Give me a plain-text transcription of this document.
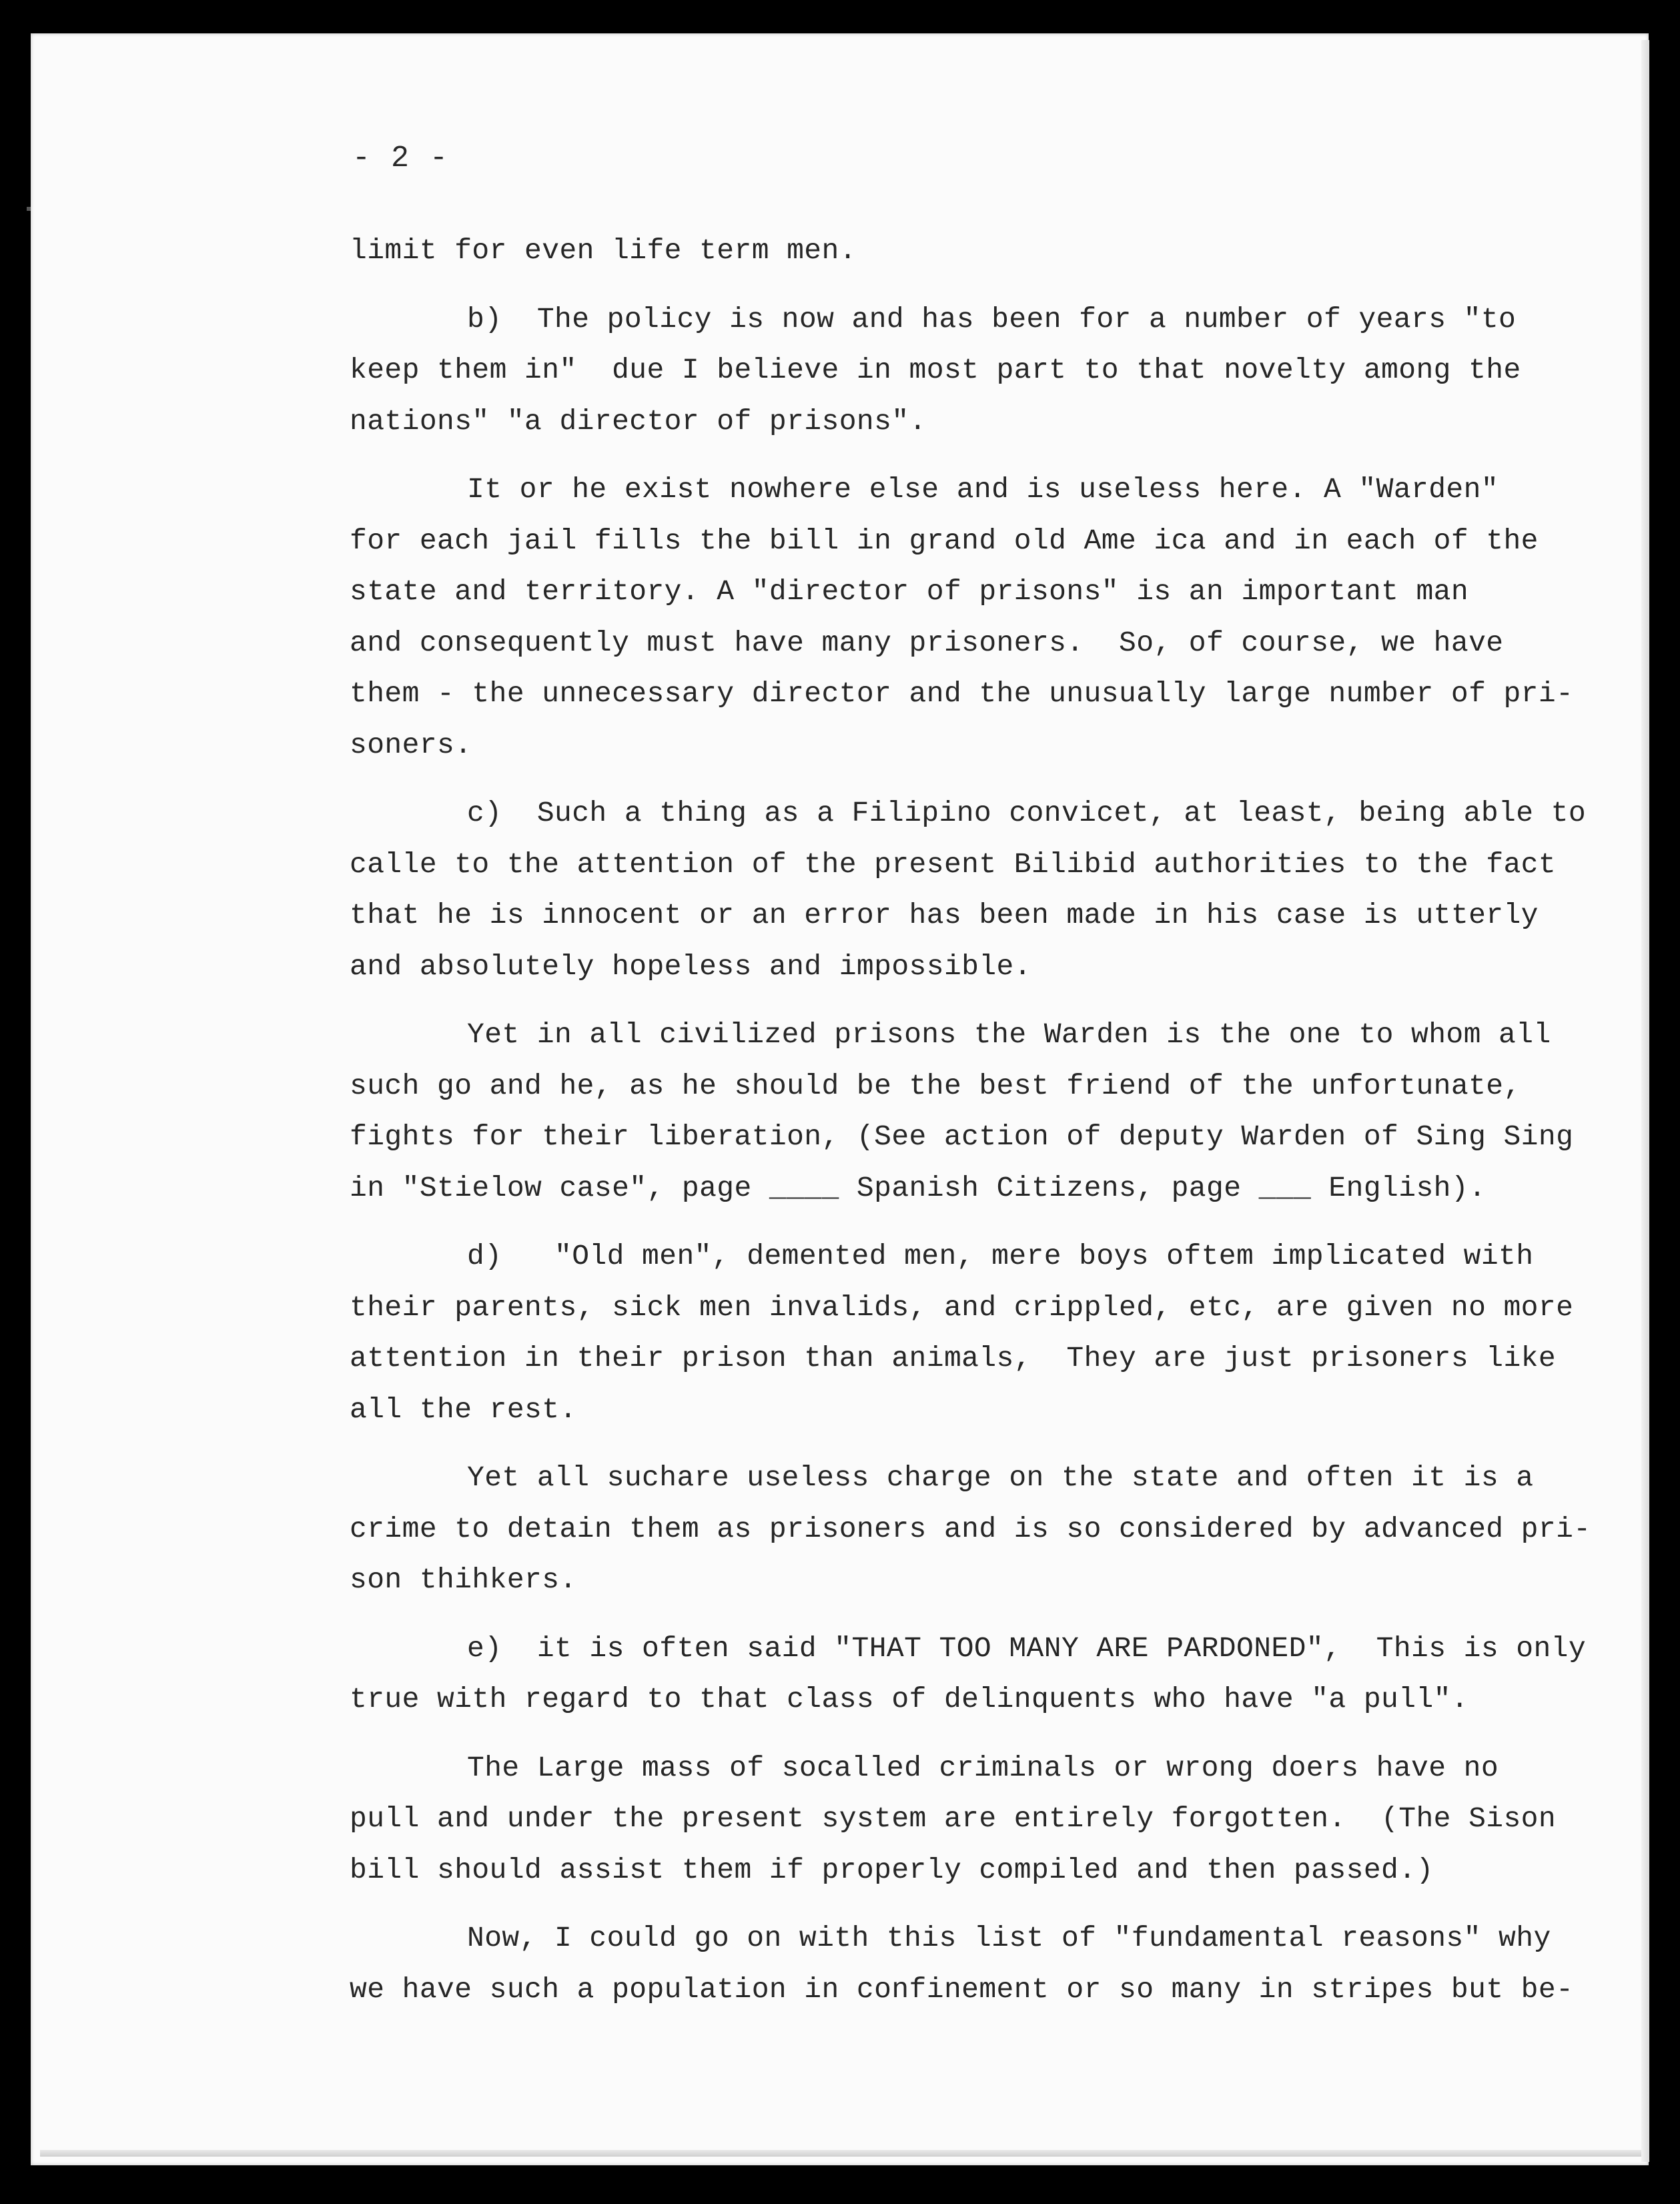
- 2 -
limit for even life term men.
b)  The policy is now and has been for a number of years "to
keep them in"  due I believe in most part to that novelty among the
nations" "a director of prisons".
It or he exist nowhere else and is useless here. A "Warden"
for each jail fills the bill in grand old Ame ica and in each of the
state and territory. A "director of prisons" is an important man
and consequently must have many prisoners.  So, of course, we have
them - the unnecessary director and the unusually large number of pri-
soners.
c)  Such a thing as a Filipino convicet, at least, being able to
calle to the attention of the present Bilibid authorities to the fact
that he is innocent or an error has been made in his case is utterly
and absolutely hopeless and impossible.
Yet in all civilized prisons the Warden is the one to whom all
such go and he, as he should be the best friend of the unfortunate,
fights for their liberation, (See action of deputy Warden of Sing Sing
in "Stielow case", page ____ Spanish Citizens, page ___ English).
d)   "Old men", demented men, mere boys oftem implicated with
their parents, sick men invalids, and crippled, etc, are given no more
attention in their prison than animals,  They are just prisoners like
all the rest.
Yet all suchare useless charge on the state and often it is a
crime to detain them as prisoners and is so considered by advanced pri-
son thihkers.
e)  it is often said "THAT TOO MANY ARE PARDONED",  This is only
true with regard to that class of delinquents who have "a pull".
The Large mass of socalled criminals or wrong doers have no
pull and under the present system are entirely forgotten.  (The Sison
bill should assist them if properly compiled and then passed.)
Now, I could go on with this list of "fundamental reasons" why
we have such a population in confinement or so many in stripes but be-
